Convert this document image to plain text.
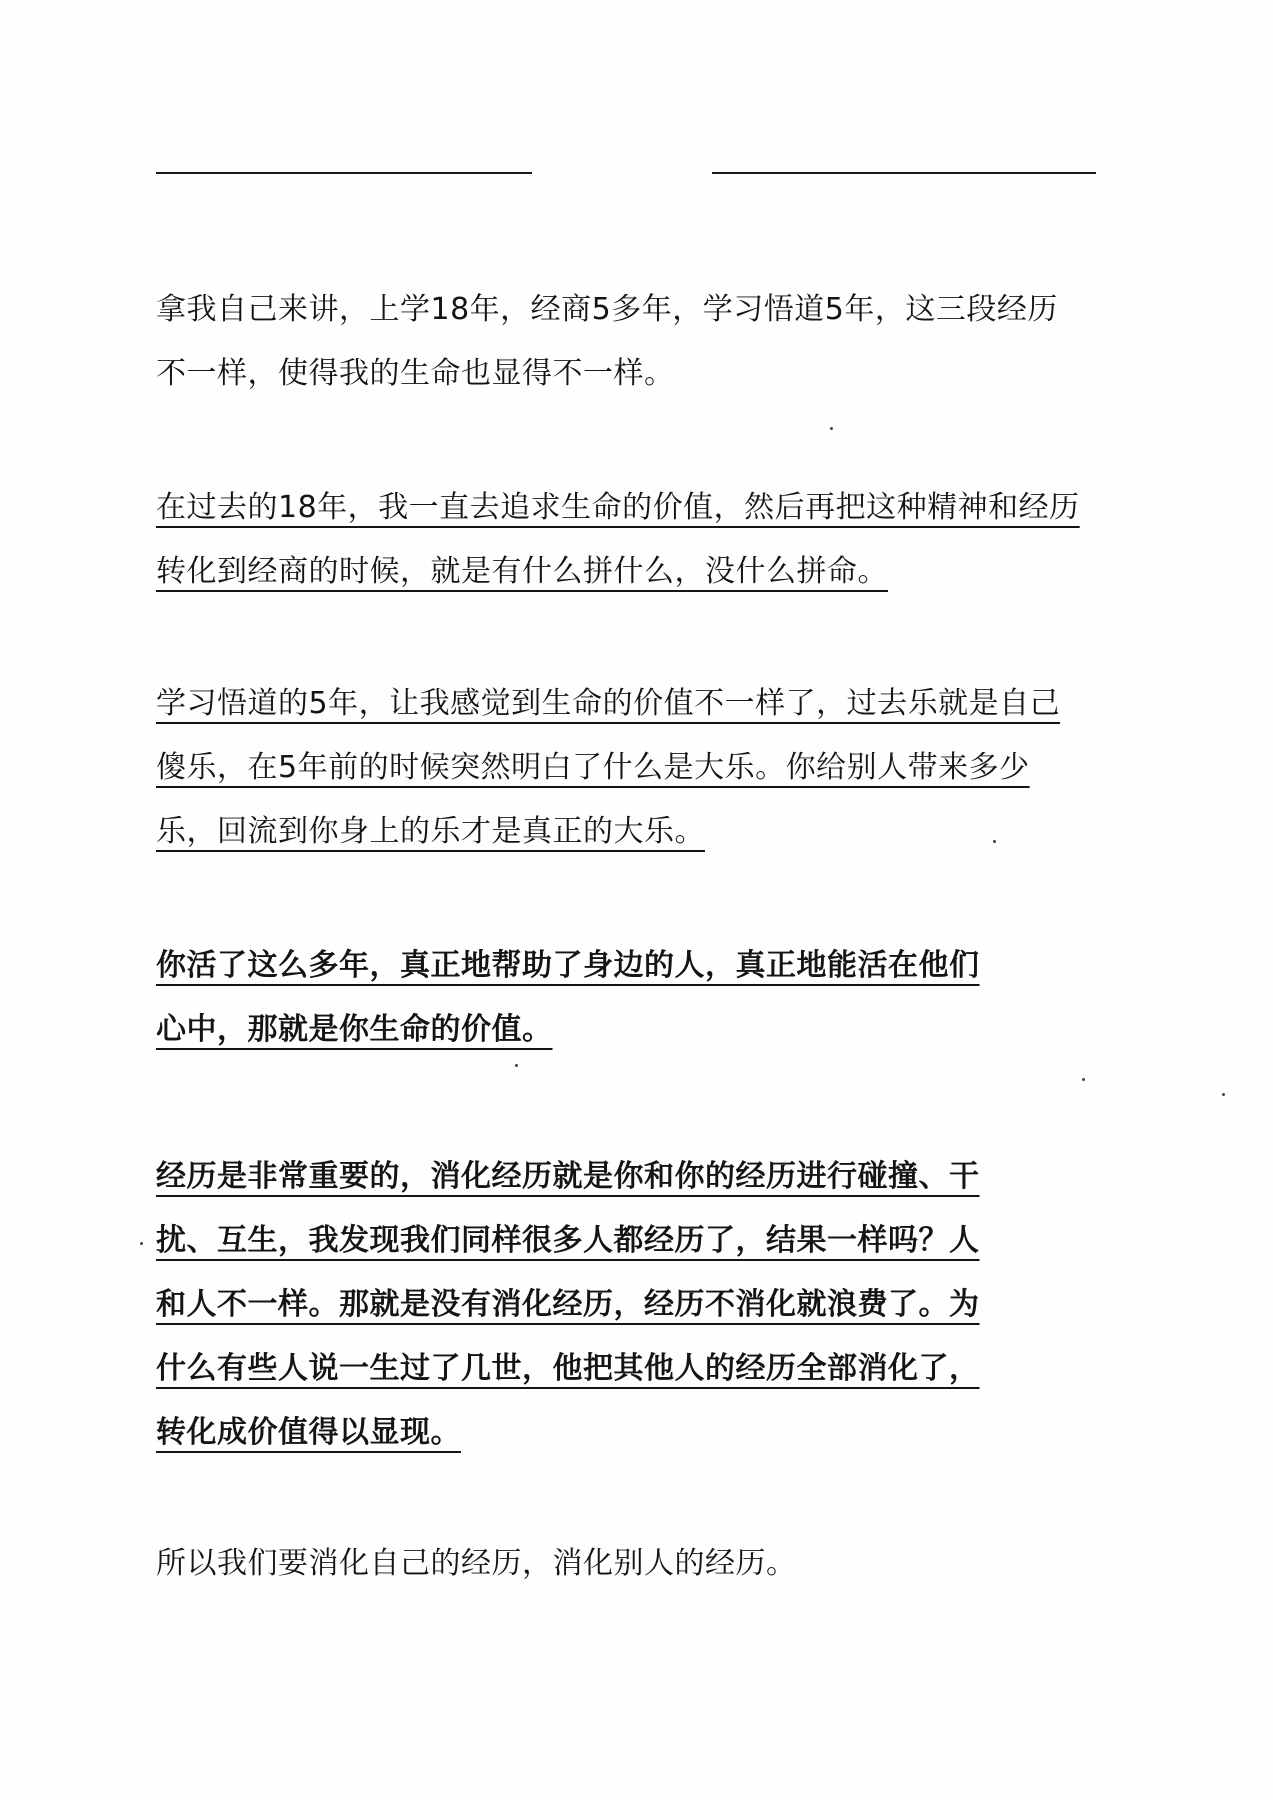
拿我自己来讲，上学18年，经商5多年，学习悟道5年，这三段经历
不一样，使得我的生命也显得不一样。

在过去的18年，我一直去追求生命的价值，然后再把这种精神和经历
转化到经商的时候，就是有什么拼什么，没什么拼命。

学习悟道的5年，让我感觉到生命的价值不一样了，过去乐就是自己
傻乐，在5年前的时候突然明白了什么是大乐。你给别人带来多少
乐，回流到你身上的乐才是真正的大乐。

你活了这么多年，真正地帮助了身边的人，真正地能活在他们
心中，那就是你生命的价值。

经历是非常重要的，消化经历就是你和你的经历进行碰撞、干
扰、互生，我发现我们同样很多人都经历了，结果一样吗？人
和人不一样。那就是没有消化经历，经历不消化就浪费了。为
什么有些人说一生过了几世，他把其他人的经历全部消化了，
转化成价值得以显现。

所以我们要消化自己的经历，消化别人的经历。
